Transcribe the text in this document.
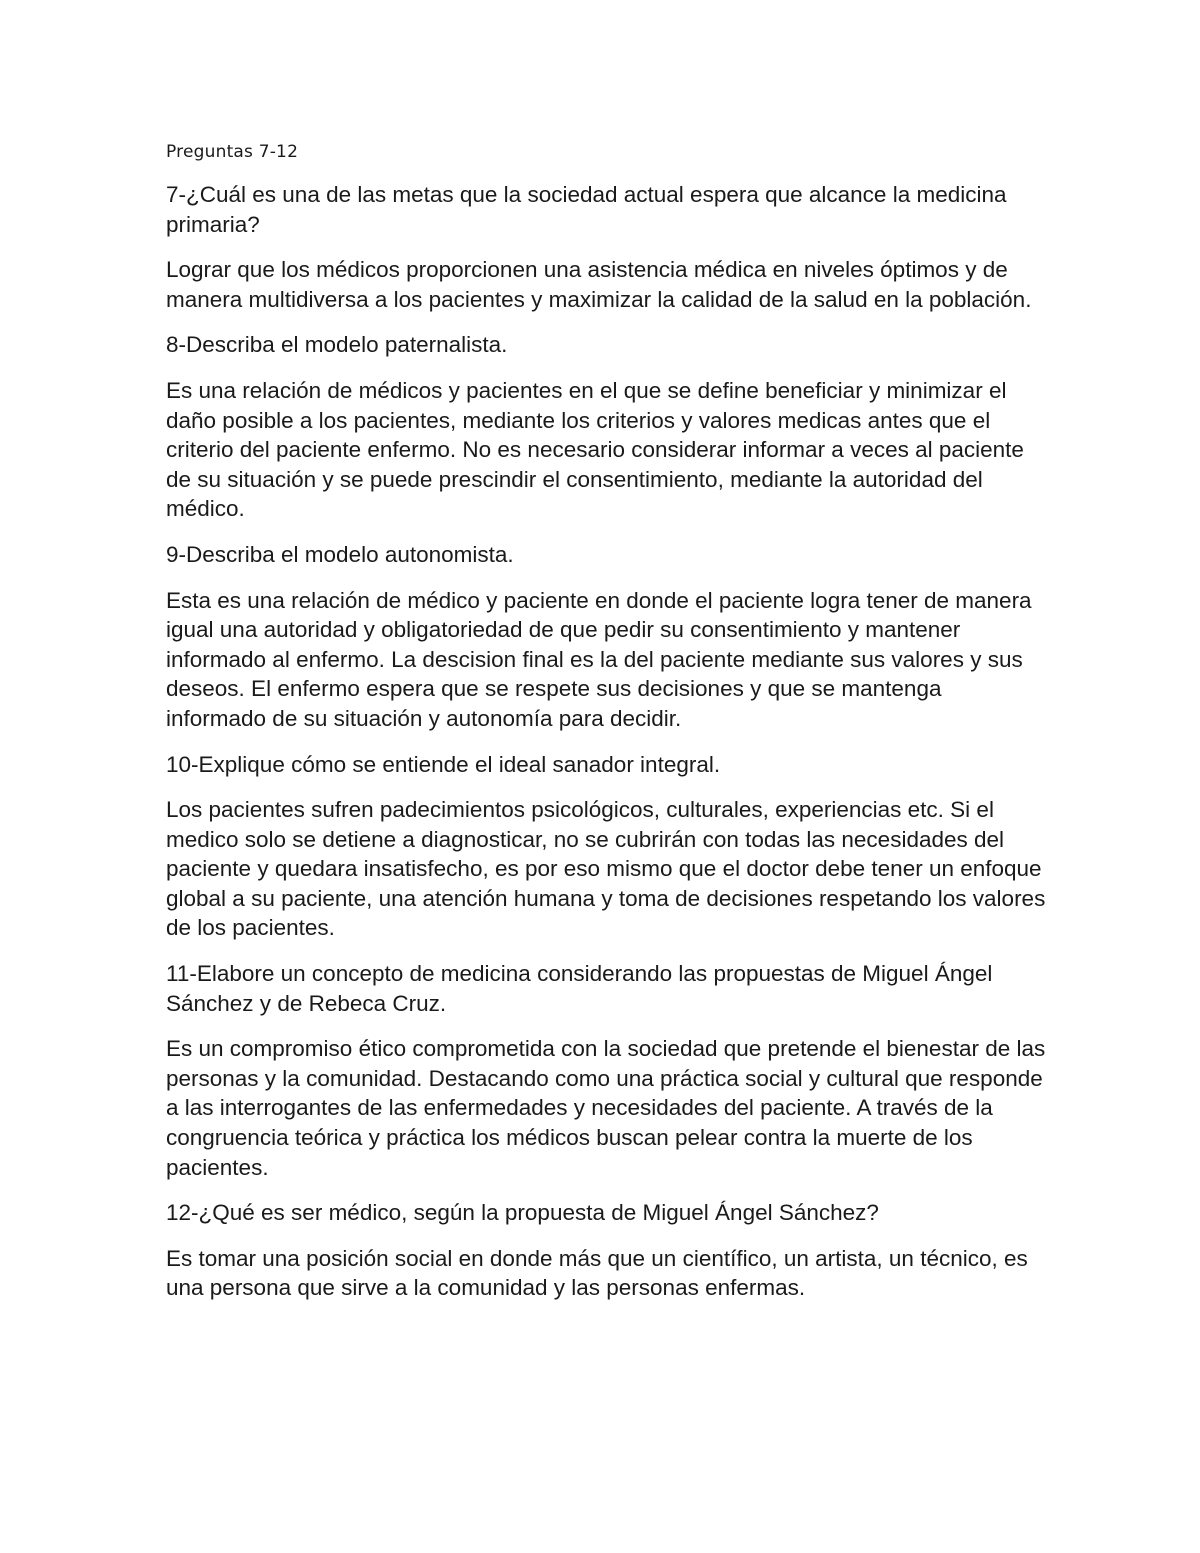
Preguntas 7-12

7-¿Cuál es una de las metas que la sociedad actual espera que alcance la medicina primaria?

Lograr que los médicos proporcionen una asistencia médica en niveles óptimos y de manera multidiversa a los pacientes y maximizar la calidad de la salud en la población.

8-Describa el modelo paternalista.

Es una relación de médicos y pacientes en el que se define beneficiar y minimizar el daño posible a los pacientes, mediante los criterios y valores medicas antes que el criterio del paciente enfermo. No es necesario considerar informar a veces al paciente de su situación y se puede prescindir el consentimiento, mediante la autoridad del médico.

9-Describa el modelo autonomista.

Esta es una relación de médico y paciente en donde el paciente logra tener de manera igual una autoridad y obligatoriedad de que pedir su consentimiento y mantener informado al enfermo. La descision final es la del paciente mediante sus valores y sus deseos. El enfermo espera que se respete sus decisiones y que se mantenga informado de su situación y autonomía para decidir.

10-Explique cómo se entiende el ideal sanador integral.

Los pacientes sufren padecimientos psicológicos, culturales, experiencias etc. Si el medico solo se detiene a diagnosticar, no se cubrirán con todas las necesidades del paciente y quedara insatisfecho, es por eso mismo que el doctor debe tener un enfoque global a su paciente, una atención humana y toma de decisiones respetando los valores de los pacientes.

11-Elabore un concepto de medicina considerando las propuestas de Miguel Ángel Sánchez y de Rebeca Cruz.

Es un compromiso ético comprometida con la sociedad que pretende el bienestar de las personas y la comunidad. Destacando como una práctica social y cultural que responde a las interrogantes de las enfermedades y necesidades del paciente. A través de la congruencia teórica y práctica los médicos buscan pelear contra la muerte de los pacientes.

12-¿Qué es ser médico, según la propuesta de Miguel Ángel Sánchez?

Es tomar una posición social en donde más que un científico, un artista, un técnico, es una persona que sirve a la comunidad y las personas enfermas.
